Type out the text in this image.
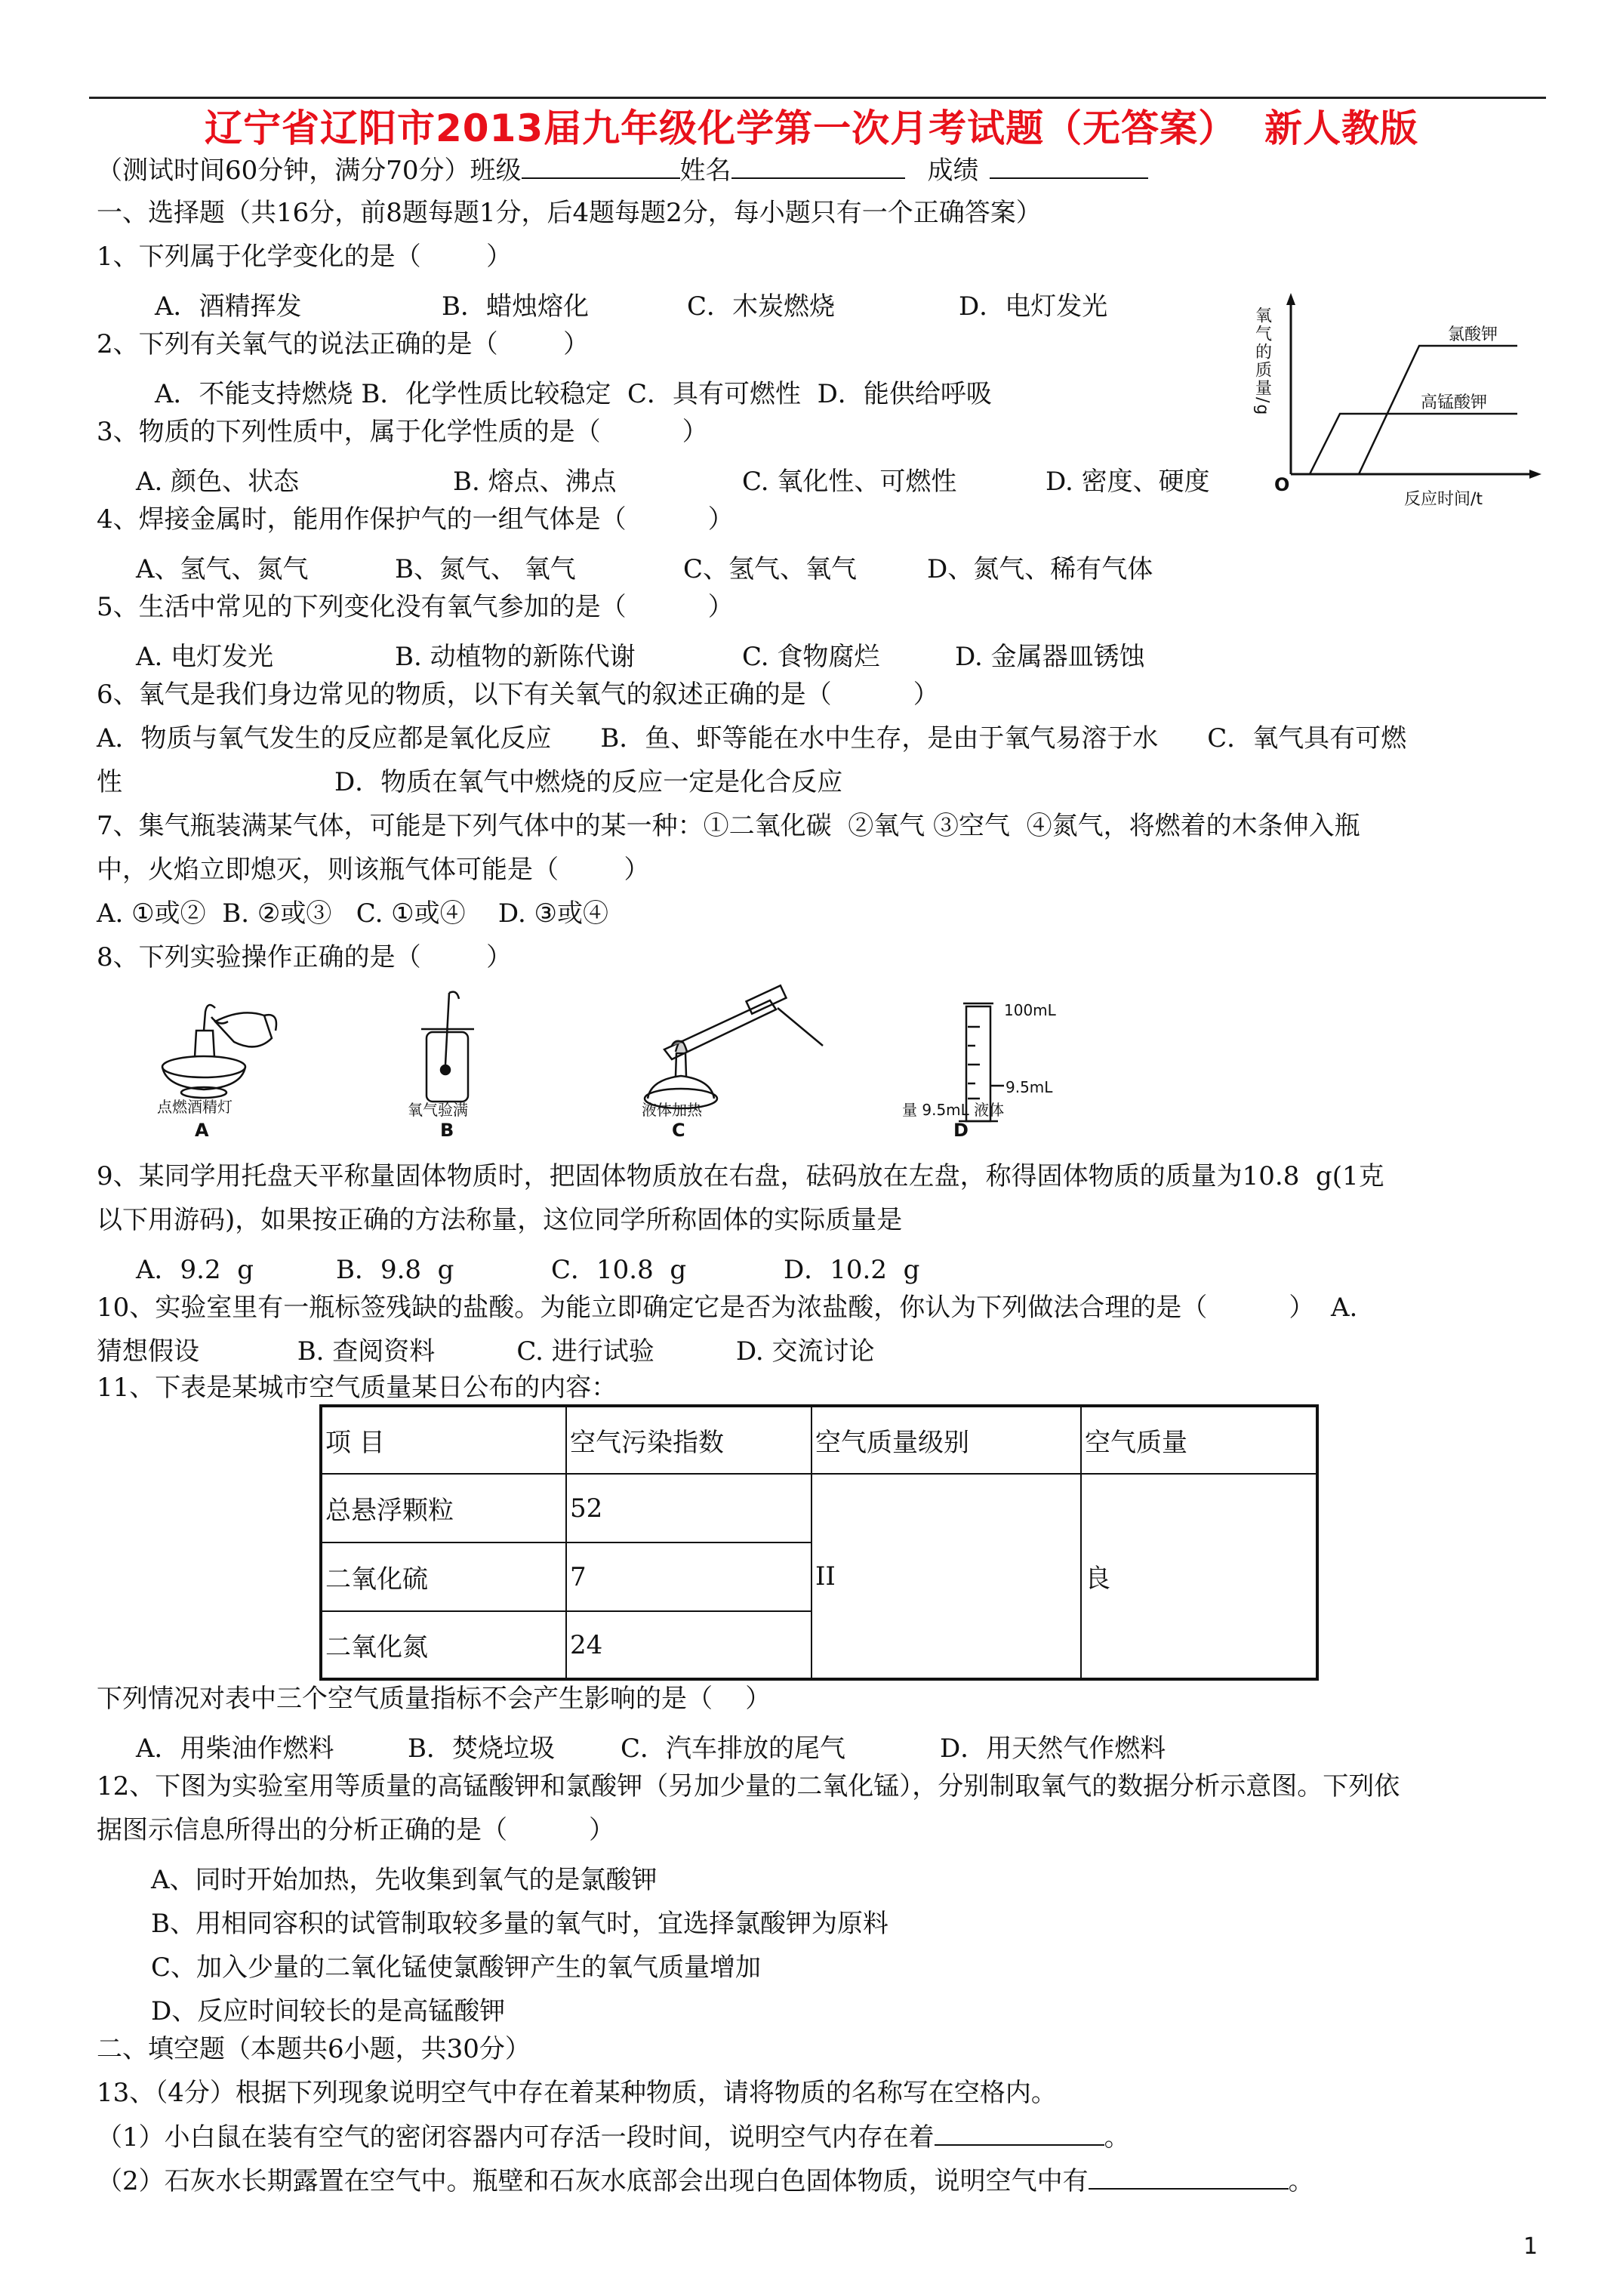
辽宁省辽阳市2013届九年级化学第一次月考试题（无答案）  新人教版
（测试时间60分钟，满分70分）班级	姓名	成绩
一、选择题（共16分，前8题每题1分，后4题每题2分，每小题只有一个正确答案）
1、下列属于化学变化的是（        ）
A．酒精挥发	B．蜡烛熔化	C．木炭燃烧	D．电灯发光
2、下列有关氧气的说法正确的是（        ）
A．不能支持燃烧 B．化学性质比较稳定  C．具有可燃性  D．能供给呼吸
3、物质的下列性质中，属于化学性质的是（          ）
A. 颜色、状态	B. 熔点、沸点	C. 氧化性、可燃性	D. 密度、硬度
4、焊接金属时，能用作保护气的一组气体是（          ）
A、氢气、氮气	B、氮气、 氧气	C、氢气、氧气	D、氮气、稀有气体
5、生活中常见的下列变化没有氧气参加的是（          ）
A. 电灯发光	B. 动植物的新陈代谢	C. 食物腐烂	D. 金属器皿锈蚀
6、氧气是我们身边常见的物质，以下有关氧气的叙述正确的是（          ）
A．物质与氧气发生的反应都是氧化反应      B．鱼、虾等能在水中生存，是由于氧气易溶于水      C．氧气具有可燃
性                          D．物质在氧气中燃烧的反应一定是化合反应
7、集气瓶装满某气体，可能是下列气体中的某一种：①二氧化碳  ②氧气 ③空气  ④氮气，将燃着的木条伸入瓶
中，火焰立即熄灭，则该瓶气体可能是（        ）
A. ①或②  B. ②或③   C. ①或④    D. ③或④
8、下列实验操作正确的是（        ）
100mL
9.5mL
点燃酒精灯	氧气验满	液体加热	量 9.5mL 液体
A	B	C	D
9、某同学用托盘天平称量固体物质时，把固体物质放在右盘，砝码放在左盘，称得固体物质的质量为10.8  g(1克
以下用游码)，如果按正确的方法称量，这位同学所称固体的实际质量是
A．9.2  g	B．9.8  g	C．10.8  g	D．10.2  g
10、实验室里有一瓶标签残缺的盐酸。为能立即确定它是否为浓盐酸，你认为下列做法合理的是（          ）  A.
猜想假设            B. 查阅资料          C. 进行试验          D. 交流讨论
11、下表是某城市空气质量某日公布的内容：
项 目	空气污染指数	空气质量级别	空气质量
总悬浮颗粒	52	II	良
二氧化硫	7		
二氧化氮	24		
下列情况对表中三个空气质量指标不会产生影响的是（    ）
A．用柴油作燃料	B．焚烧垃圾	C．汽车排放的尾气	D．用天然气作燃料
12、下图为实验室用等质量的高锰酸钾和氯酸钾（另加少量的二氧化锰），分别制取氧气的数据分析示意图。下列依
据图示信息所得出的分析正确的是（          ）
A、同时开始加热，先收集到氧气的是氯酸钾
B、用相同容积的试管制取较多量的氧气时，宜选择氯酸钾为原料
C、加入少量的二氧化锰使氯酸钾产生的氧气质量增加
D、反应时间较长的是高锰酸钾
二、填空题（本题共6小题，共30分）
13、（4分）根据下列现象说明空气中存在着某种物质，请将物质的名称写在空格内。
（1）小白鼠在装有空气的密闭容器内可存活一段时间，说明空气内存在着	。
（2）石灰水长期露置在空气中。瓶壁和石灰水底部会出现白色固体物质，说明空气中有	。
氧气的质量/g
O
反应时间/t
氯酸钾
高锰酸钾
1
